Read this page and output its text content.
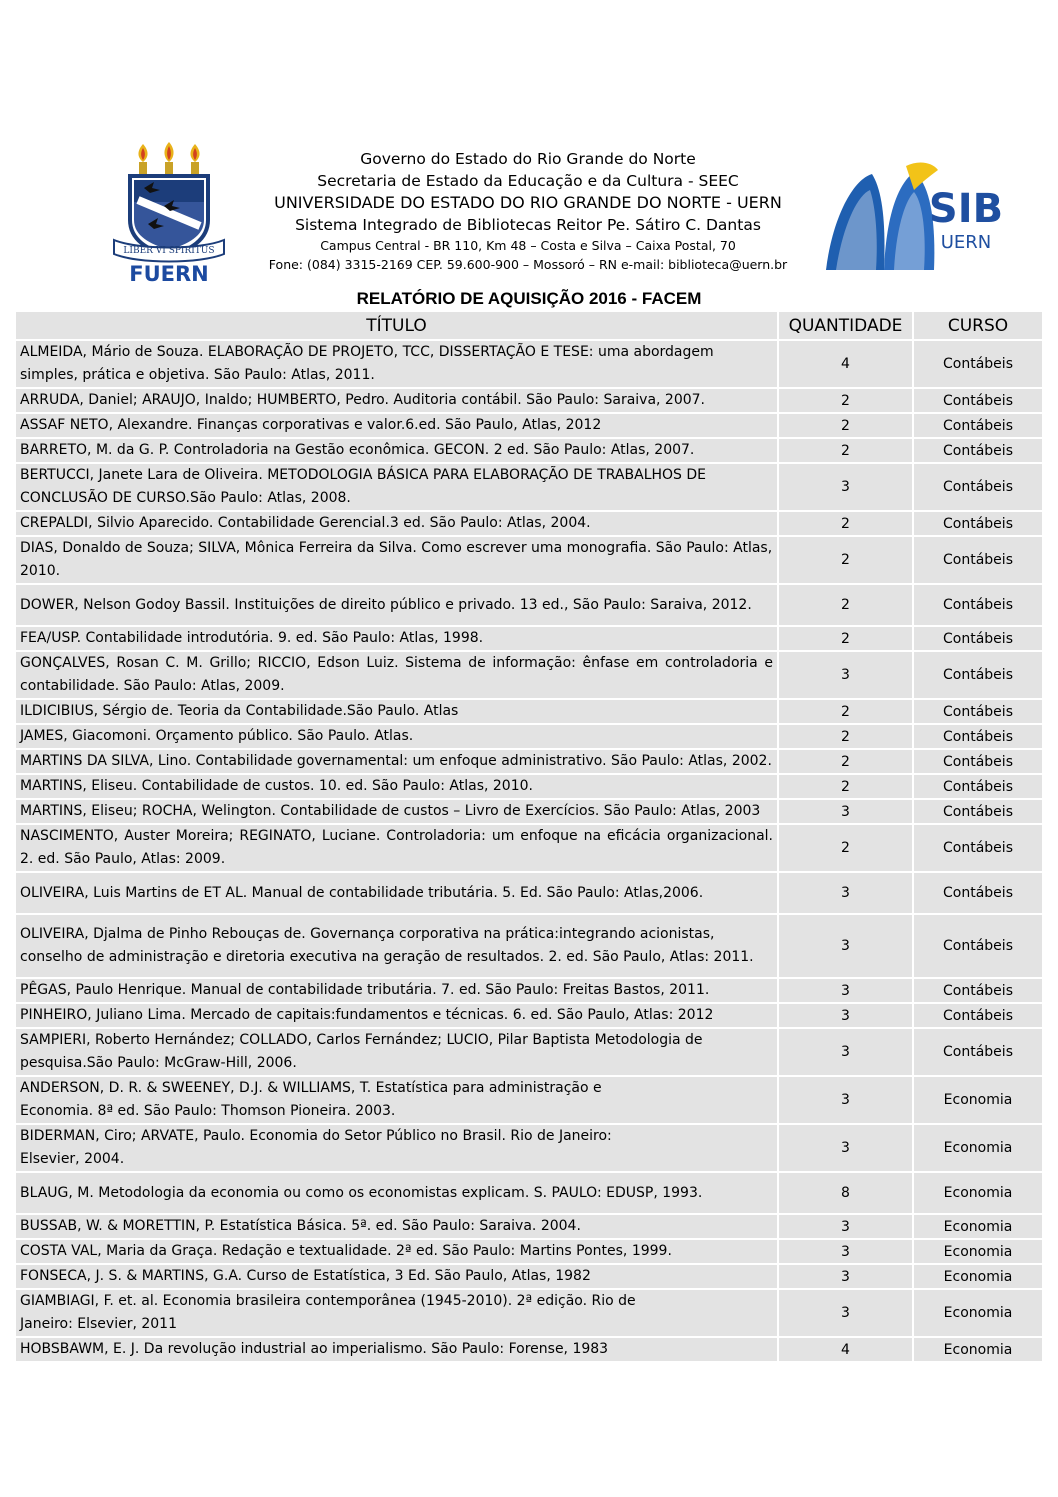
LIBER VI SPIRITUS
FUERN
Governo do Estado do Rio Grande do Norte
Secretaria de Estado da Educação e da Cultura - SEEC
UNIVERSIDADE DO ESTADO DO RIO GRANDE DO NORTE - UERN
Sistema Integrado de Bibliotecas Reitor Pe. Sátiro C. Dantas
Campus Central - BR 110, Km 48 – Costa e Silva – Caixa Postal, 70
Fone: (084) 3315-2169 CEP. 59.600-900 – Mossoró – RN e-mail: biblioteca@uern.br
SIB
UERN
RELATÓRIO DE AQUISIÇÃO 2016 - FACEM
TÍTULO	QUANTIDADE	CURSO
ALMEIDA, Mário de Souza. ELABORAÇÃO DE PROJETO, TCC, DISSERTAÇÃO E TESE: uma abordagem simples, prática e objetiva. São Paulo: Atlas, 2011.	4	Contábeis
ARRUDA, Daniel; ARAUJO, Inaldo; HUMBERTO, Pedro. Auditoria contábil. São Paulo: Saraiva, 2007.	2	Contábeis
ASSAF NETO, Alexandre. Finanças corporativas e valor.6.ed. São Paulo, Atlas, 2012	2	Contábeis
BARRETO, M. da G. P. Controladoria na Gestão econômica. GECON. 2 ed. São Paulo: Atlas, 2007.	2	Contábeis
BERTUCCI, Janete Lara de Oliveira. METODOLOGIA BÁSICA PARA ELABORAÇÃO DE TRABALHOS DE CONCLUSÃO DE CURSO.São Paulo: Atlas, 2008.	3	Contábeis
CREPALDI, Silvio Aparecido. Contabilidade Gerencial.3 ed. São Paulo: Atlas, 2004.	2	Contábeis
DIAS, Donaldo de Souza; SILVA, Mônica Ferreira da Silva. Como escrever uma monografia. São Paulo: Atlas, 2010.	2	Contábeis
DOWER, Nelson Godoy Bassil. Instituições de direito público e privado. 13 ed., São Paulo: Saraiva, 2012.	2	Contábeis
FEA/USP. Contabilidade introdutória. 9. ed. São Paulo: Atlas, 1998.	2	Contábeis
GONÇALVES, Rosan C. M. Grillo; RICCIO, Edson Luiz. Sistema de informação: ênfase em controladoria e contabilidade. São Paulo: Atlas, 2009.	3	Contábeis
ILDICIBIUS, Sérgio de. Teoria da Contabilidade.São Paulo. Atlas	2	Contábeis
JAMES, Giacomoni. Orçamento público. São Paulo. Atlas.	2	Contábeis
MARTINS DA SILVA, Lino. Contabilidade governamental: um enfoque administrativo. São Paulo: Atlas, 2002.	2	Contábeis
MARTINS, Eliseu. Contabilidade de custos. 10. ed. São Paulo: Atlas, 2010.	2	Contábeis
MARTINS, Eliseu; ROCHA, Welington. Contabilidade de custos – Livro de Exercícios. São Paulo: Atlas, 2003	3	Contábeis
NASCIMENTO, Auster Moreira; REGINATO, Luciane. Controladoria: um enfoque na eficácia organizacional. 2. ed. São Paulo, Atlas: 2009.	2	Contábeis
OLIVEIRA, Luis Martins de ET AL. Manual de contabilidade tributária. 5. Ed. São Paulo: Atlas,2006.	3	Contábeis
OLIVEIRA, Djalma de Pinho Rebouças de. Governança corporativa na prática:integrando acionistas, conselho de administração e diretoria executiva na geração de resultados. 2. ed. São Paulo, Atlas: 2011.	3	Contábeis
PÊGAS, Paulo Henrique. Manual de contabilidade tributária. 7. ed. São Paulo: Freitas Bastos, 2011.	3	Contábeis
PINHEIRO, Juliano Lima. Mercado de capitais:fundamentos e técnicas. 6. ed. São Paulo, Atlas: 2012	3	Contábeis
SAMPIERI, Roberto Hernández; COLLADO, Carlos Fernández; LUCIO, Pilar Baptista Metodologia de pesquisa.São Paulo: McGraw-Hill, 2006.	3	Contábeis
ANDERSON, D. R. & SWEENEY, D.J. & WILLIAMS, T. Estatística para administração e Economia. 8ª ed. São Paulo: Thomson Pioneira. 2003.	3	Economia
BIDERMAN, Ciro; ARVATE, Paulo. Economia do Setor Público no Brasil. Rio de Janeiro: Elsevier, 2004.	3	Economia
BLAUG, M. Metodologia da economia ou como os economistas explicam. S. PAULO: EDUSP, 1993.	8	Economia
BUSSAB, W. & MORETTIN, P. Estatística Básica. 5ª. ed. São Paulo: Saraiva. 2004.	3	Economia
COSTA VAL, Maria da Graça. Redação e textualidade. 2ª ed. São Paulo: Martins Pontes, 1999.	3	Economia
FONSECA, J. S. & MARTINS, G.A. Curso de Estatística, 3 Ed. São Paulo, Atlas, 1982	3	Economia
GIAMBIAGI, F. et. al. Economia brasileira contemporânea (1945-2010). 2ª edição. Rio de Janeiro: Elsevier, 2011	3	Economia
HOBSBAWM, E. J. Da revolução industrial ao imperialismo. São Paulo: Forense, 1983	4	Economia
